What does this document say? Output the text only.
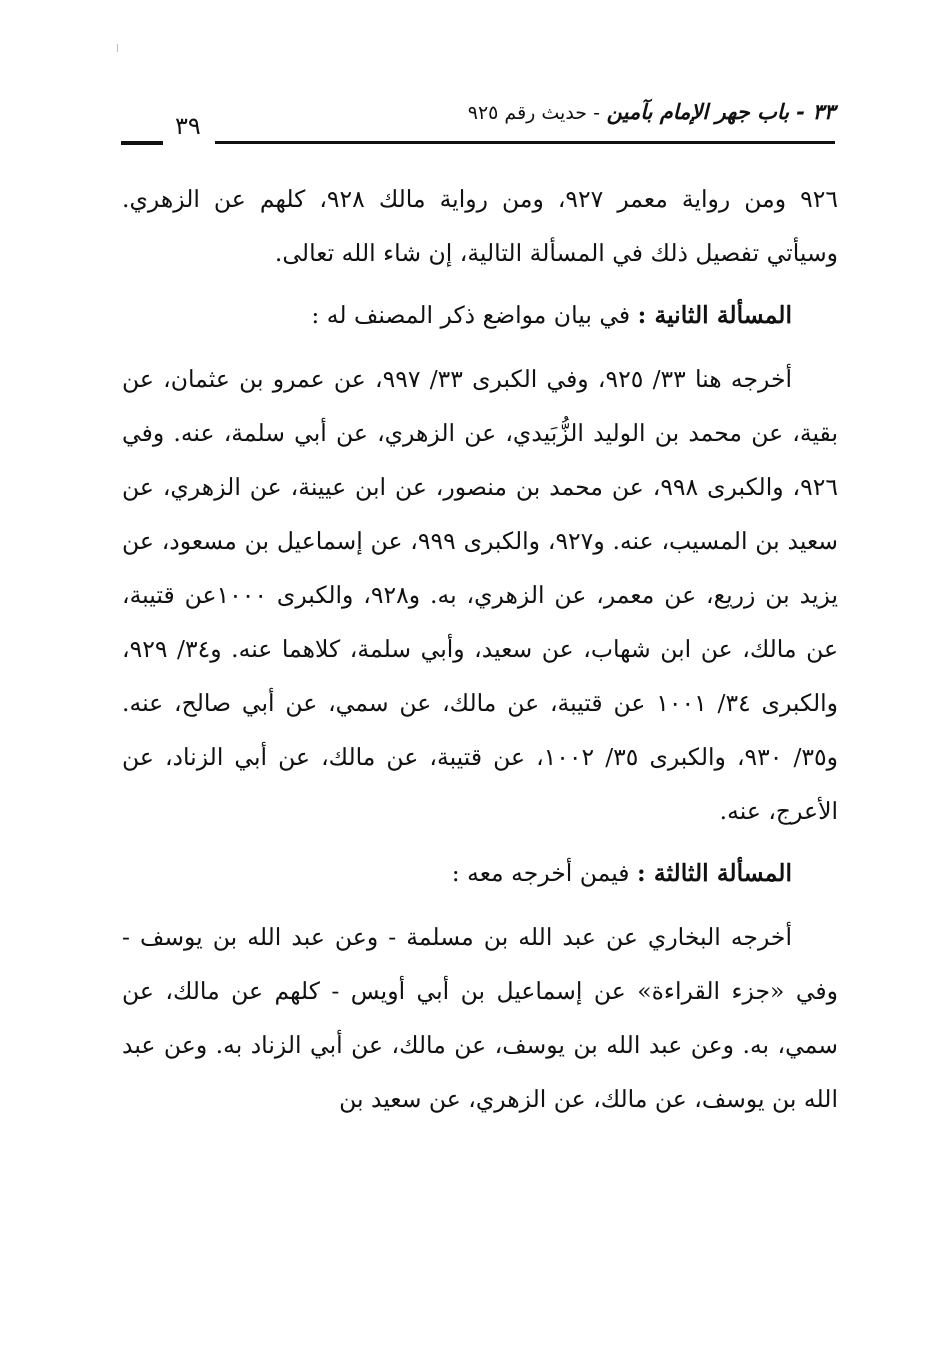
٣٣ - باب جهر الإمام بآمين - حديث رقم ٩٢٥
٣٩

٩٢٦ ومن رواية معمر ٩٢٧، ومن رواية مالك ٩٢٨، كلهم عن الزهري. وسيأتي تفصيل ذلك في المسألة التالية، إن شاء الله تعالى.

المسألة الثانية : في بيان مواضع ذكر المصنف له :

أخرجه هنا ٣٣/ ٩٢٥، وفي الكبرى ٣٣/ ٩٩٧، عن عمرو بن عثمان، عن بقية، عن محمد بن الوليد الزُّبَيدي، عن الزهري، عن أبي سلمة، عنه. وفي ٩٢٦، والكبرى ٩٩٨، عن محمد بن منصور، عن ابن عيينة، عن الزهري، عن سعيد بن المسيب، عنه. و٩٢٧، والكبرى ٩٩٩، عن إسماعيل بن مسعود، عن يزيد بن زريع، عن معمر، عن الزهري، به. و٩٢٨، والكبرى ١٠٠٠عن قتيبة، عن مالك، عن ابن شهاب، عن سعيد، وأبي سلمة، كلاهما عنه. و٣٤/ ٩٢٩، والكبرى ٣٤/ ١٠٠١ عن قتيبة، عن مالك، عن سمي، عن أبي صالح، عنه. و٣٥/ ٩٣٠، والكبرى ٣٥/ ١٠٠٢، عن قتيبة، عن مالك، عن أبي الزناد، عن الأعرج، عنه.

المسألة الثالثة : فيمن أخرجه معه :

أخرجه البخاري عن عبد الله بن مسلمة - وعن عبد الله بن يوسف - وفي «جزء القراءة» عن إسماعيل بن أبي أويس - كلهم عن مالك، عن سمي، به. وعن عبد الله بن يوسف، عن مالك، عن أبي الزناد به. وعن عبد الله بن يوسف، عن مالك، عن الزهري، عن سعيد بن
